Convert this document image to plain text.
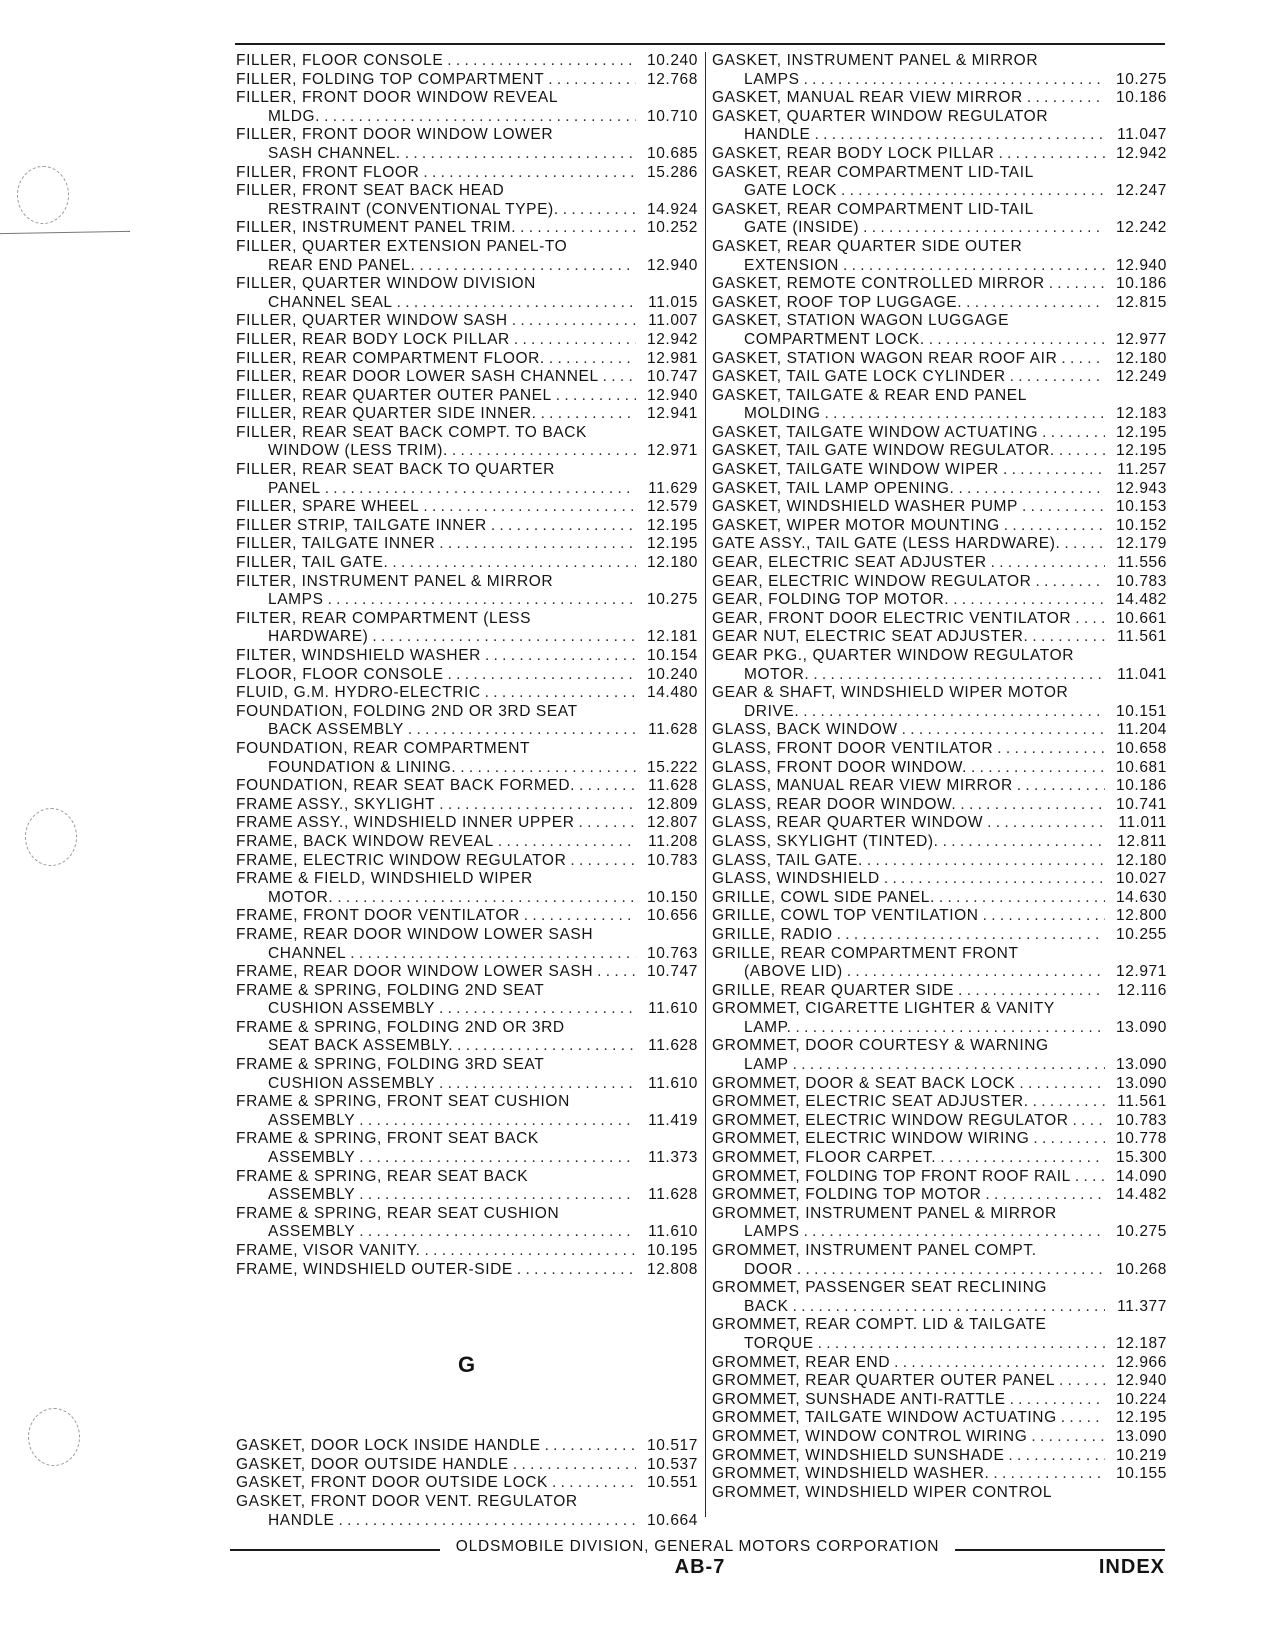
FILLER, FLOOR CONSOLE . . .	10.240
FILLER, FOLDING TOP COMPARTMENT . . .	12.768
FILLER, FRONT DOOR WINDOW REVEAL
MLDG. . . .	10.710
FILLER, FRONT DOOR WINDOW LOWER
SASH CHANNEL. . . .	10.685
FILLER, FRONT FLOOR . . .	15.286
FILLER, FRONT SEAT BACK HEAD
RESTRAINT (CONVENTIONAL TYPE). . . .	14.924
FILLER, INSTRUMENT PANEL TRIM. . . .	10.252
FILLER, QUARTER EXTENSION PANEL-TO
REAR END PANEL. . . .	12.940
FILLER, QUARTER WINDOW DIVISION
CHANNEL SEAL . . .	11.015
FILLER, QUARTER WINDOW SASH . . .	11.007
FILLER, REAR BODY LOCK PILLAR . . .	12.942
FILLER, REAR COMPARTMENT FLOOR. . . .	12.981
FILLER, REAR DOOR LOWER SASH CHANNEL . . .	10.747
FILLER, REAR QUARTER OUTER PANEL . . .	12.940
FILLER, REAR QUARTER SIDE INNER. . . .	12.941
FILLER, REAR SEAT BACK COMPT. TO BACK
WINDOW (LESS TRIM). . . .	12.971
FILLER, REAR SEAT BACK TO QUARTER
PANEL . . .	11.629
FILLER, SPARE WHEEL . . .	12.579
FILLER STRIP, TAILGATE INNER . . .	12.195
FILLER, TAILGATE INNER . . .	12.195
FILLER, TAIL GATE. . . .	12.180
FILTER, INSTRUMENT PANEL & MIRROR
LAMPS . . .	10.275
FILTER, REAR COMPARTMENT (LESS
HARDWARE) . . .	12.181
FILTER, WINDSHIELD WASHER . . .	10.154
FLOOR, FLOOR CONSOLE . . .	10.240
FLUID, G.M. HYDRO-ELECTRIC . . .	14.480
FOUNDATION, FOLDING 2ND OR 3RD SEAT
BACK ASSEMBLY . . .	11.628
FOUNDATION, REAR COMPARTMENT
FOUNDATION & LINING. . . .	15.222
FOUNDATION, REAR SEAT BACK FORMED. . . .	11.628
FRAME ASSY., SKYLIGHT . . .	12.809
FRAME ASSY., WINDSHIELD INNER UPPER . . .	12.807
FRAME, BACK WINDOW REVEAL . . .	11.208
FRAME, ELECTRIC WINDOW REGULATOR . . .	10.783
FRAME & FIELD, WINDSHIELD WIPER
MOTOR. . . .	10.150
FRAME, FRONT DOOR VENTILATOR . . .	10.656
FRAME, REAR DOOR WINDOW LOWER SASH
CHANNEL . . .	10.763
FRAME, REAR DOOR WINDOW LOWER SASH . . .	10.747
FRAME & SPRING, FOLDING 2ND SEAT
CUSHION ASSEMBLY . . .	11.610
FRAME & SPRING, FOLDING 2ND OR 3RD
SEAT BACK ASSEMBLY. . . .	11.628
FRAME & SPRING, FOLDING 3RD SEAT
CUSHION ASSEMBLY . . .	11.610
FRAME & SPRING, FRONT SEAT CUSHION
ASSEMBLY . . .	11.419
FRAME & SPRING, FRONT SEAT BACK
ASSEMBLY . . .	11.373
FRAME & SPRING, REAR SEAT BACK
ASSEMBLY . . .	11.628
FRAME & SPRING, REAR SEAT CUSHION
ASSEMBLY . . .	11.610
FRAME, VISOR VANITY. . . .	10.195
FRAME, WINDSHIELD OUTER-SIDE . . .	12.808
G
GASKET, DOOR LOCK INSIDE HANDLE . . .	10.517
GASKET, DOOR OUTSIDE HANDLE . . .	10.537
GASKET, FRONT DOOR OUTSIDE LOCK . . .	10.551
GASKET, FRONT DOOR VENT. REGULATOR
HANDLE . . .	10.664
GASKET, INSTRUMENT PANEL & MIRROR
LAMPS . . .	10.275
GASKET, MANUAL REAR VIEW MIRROR . . .	10.186
GASKET, QUARTER WINDOW REGULATOR
HANDLE . . .	11.047
GASKET, REAR BODY LOCK PILLAR . . .	12.942
GASKET, REAR COMPARTMENT LID-TAIL
GATE LOCK . . .	12.247
GASKET, REAR COMPARTMENT LID-TAIL
GATE (INSIDE) . . .	12.242
GASKET, REAR QUARTER SIDE OUTER
EXTENSION . . .	12.940
GASKET, REMOTE CONTROLLED MIRROR . . .	10.186
GASKET, ROOF TOP LUGGAGE. . . .	12.815
GASKET, STATION WAGON LUGGAGE
COMPARTMENT LOCK. . . .	12.977
GASKET, STATION WAGON REAR ROOF AIR . . .	12.180
GASKET, TAIL GATE LOCK CYLINDER . . .	12.249
GASKET, TAILGATE & REAR END PANEL
MOLDING . . .	12.183
GASKET, TAILGATE WINDOW ACTUATING . . .	12.195
GASKET, TAIL GATE WINDOW REGULATOR. . . .	12.195
GASKET, TAILGATE WINDOW WIPER . . .	11.257
GASKET, TAIL LAMP OPENING. . . .	12.943
GASKET, WINDSHIELD WASHER PUMP . . .	10.153
GASKET, WIPER MOTOR MOUNTING . . .	10.152
GATE ASSY., TAIL GATE (LESS HARDWARE). . . .	12.179
GEAR, ELECTRIC SEAT ADJUSTER . . .	11.556
GEAR, ELECTRIC WINDOW REGULATOR . . .	10.783
GEAR, FOLDING TOP MOTOR. . . .	14.482
GEAR, FRONT DOOR ELECTRIC VENTILATOR . . .	10.661
GEAR NUT, ELECTRIC SEAT ADJUSTER. . . .	11.561
GEAR PKG., QUARTER WINDOW REGULATOR
MOTOR. . . .	11.041
GEAR & SHAFT, WINDSHIELD WIPER MOTOR
DRIVE. . . .	10.151
GLASS, BACK WINDOW . . .	11.204
GLASS, FRONT DOOR VENTILATOR . . .	10.658
GLASS, FRONT DOOR WINDOW. . . .	10.681
GLASS, MANUAL REAR VIEW MIRROR . . .	10.186
GLASS, REAR DOOR WINDOW. . . .	10.741
GLASS, REAR QUARTER WINDOW . . .	11.011
GLASS, SKYLIGHT (TINTED). . . .	12.811
GLASS, TAIL GATE. . . .	12.180
GLASS, WINDSHIELD . . .	10.027
GRILLE, COWL SIDE PANEL. . . .	14.630
GRILLE, COWL TOP VENTILATION . . .	12.800
GRILLE, RADIO . . .	10.255
GRILLE, REAR COMPARTMENT FRONT
(ABOVE LID) . . .	12.971
GRILLE, REAR QUARTER SIDE . . .	12.116
GROMMET, CIGARETTE LIGHTER & VANITY
LAMP. . . .	13.090
GROMMET, DOOR COURTESY & WARNING
LAMP . . .	13.090
GROMMET, DOOR & SEAT BACK LOCK . . .	13.090
GROMMET, ELECTRIC SEAT ADJUSTER. . . .	11.561
GROMMET, ELECTRIC WINDOW REGULATOR . . .	10.783
GROMMET, ELECTRIC WINDOW WIRING . . .	10.778
GROMMET, FLOOR CARPET. . . .	15.300
GROMMET, FOLDING TOP FRONT ROOF RAIL . . .	14.090
GROMMET, FOLDING TOP MOTOR . . .	14.482
GROMMET, INSTRUMENT PANEL & MIRROR
LAMPS . . .	10.275
GROMMET, INSTRUMENT PANEL COMPT.
DOOR . . .	10.268
GROMMET, PASSENGER SEAT RECLINING
BACK . . .	11.377
GROMMET, REAR COMPT. LID & TAILGATE
TORQUE . . .	12.187
GROMMET, REAR END . . .	12.966
GROMMET, REAR QUARTER OUTER PANEL . . .	12.940
GROMMET, SUNSHADE ANTI-RATTLE . . .	10.224
GROMMET, TAILGATE WINDOW ACTUATING . . .	12.195
GROMMET, WINDOW CONTROL WIRING . . .	13.090
GROMMET, WINDSHIELD SUNSHADE . . .	10.219
GROMMET, WINDSHIELD WASHER. . . .	10.155
GROMMET, WINDSHIELD WIPER CONTROL
OLDSMOBILE DIVISION, GENERAL MOTORS CORPORATION
AB-7	INDEX
